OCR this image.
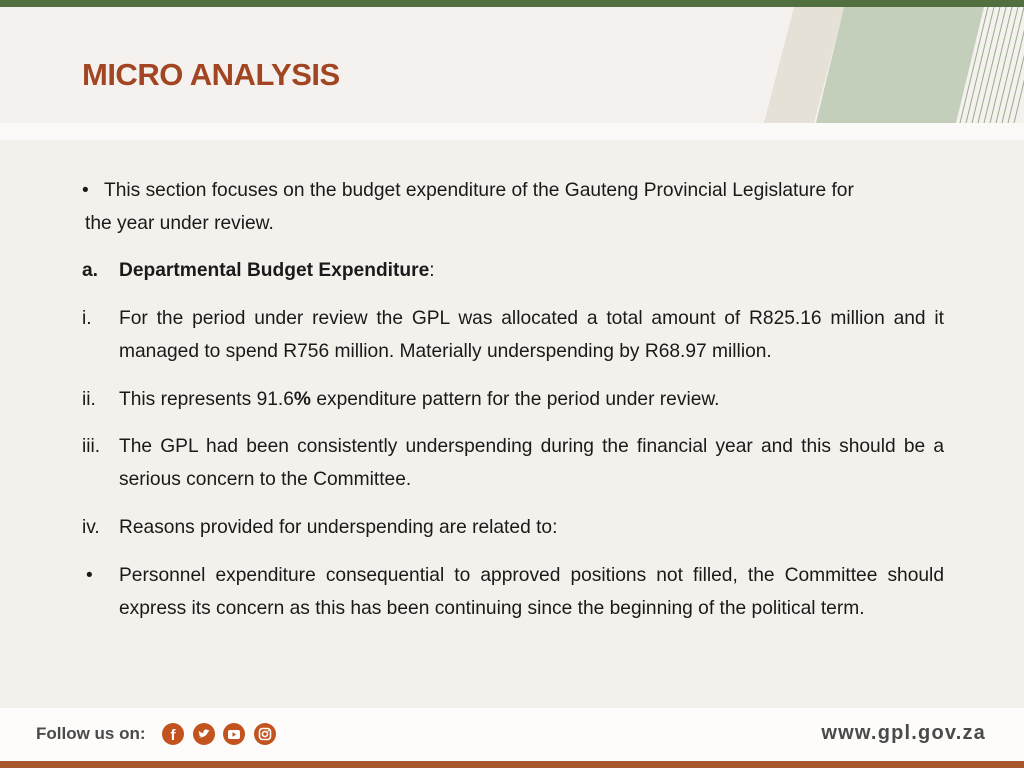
MICRO ANALYSIS
• This section focuses on the budget expenditure of the Gauteng Provincial Legislature for
the year under review.
a. Departmental Budget Expenditure:
i. For the period under review the GPL was allocated a total amount of R825.16 million and it managed to spend R756 million. Materially underspending by R68.97 million.
ii. This represents 91.6% expenditure pattern for the period under review.
iii. The GPL had been consistently underspending during the financial year and this should be a serious concern to the Committee.
iv. Reasons provided for underspending are related to:
• Personnel expenditure consequential to approved positions not filled, the Committee should express its concern as this has been continuing since the beginning of the political term.
Follow us on: f	www.gpl.gov.za
